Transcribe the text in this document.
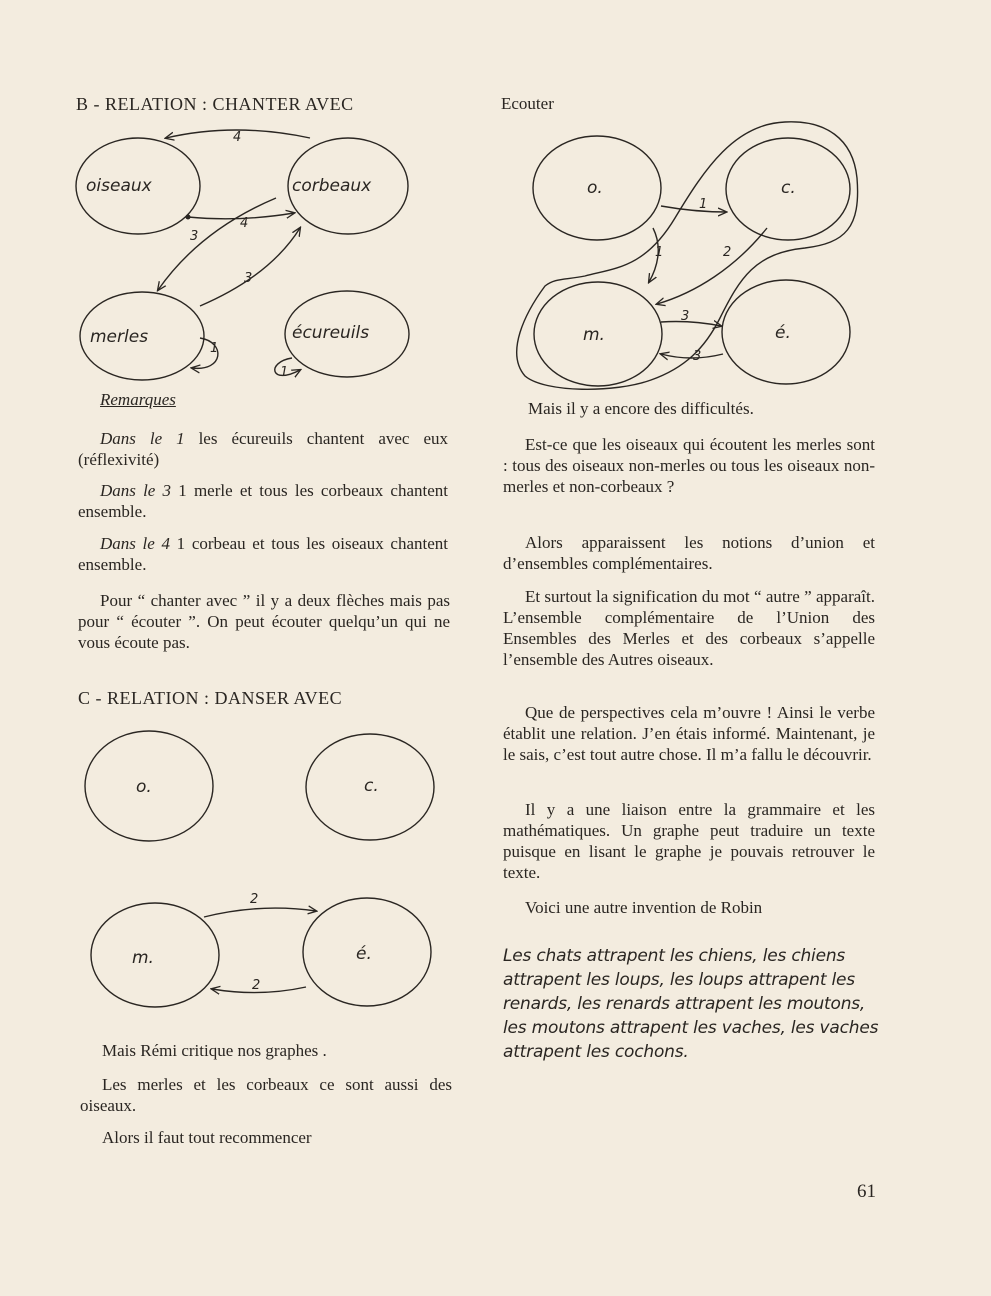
B - RELATION : CHANTER AVEC
oiseaux	corbeaux
merles	écureuils
4
4
3
3
1
1
Remarques

Dans le 1 les écureuils chantent avec eux (réflexivité)

Dans le 3 1 merle et tous les corbeaux chantent ensemble.

Dans le 4 1 corbeau et tous les oiseaux chantent ensemble.

Pour “ chanter avec ” il y a deux flèches mais pas pour “ écouter ”. On peut écouter quelqu’un qui ne vous écoute pas.

C - RELATION : DANSER AVEC
o.	c.
m.	é.
2
2

Mais Rémi critique nos graphes .

Les merles et les corbeaux ce sont aussi des oiseaux.

Alors il faut tout recommencer

Ecouter
o.	c.
m.	é.
1
1	2
3
3

Mais il y a encore des difficultés.

Est-ce que les oiseaux qui écoutent les merles sont : tous des oiseaux non-merles ou tous les oiseaux non-merles et non-corbeaux ?

Alors apparaissent les notions d’union et d’ensembles complémentaires.

Et surtout la signification du mot “ autre ” apparaît. L’ensemble complémentaire de l’Union des Ensembles des Merles et des corbeaux s’appelle l’ensemble des Autres oiseaux.

Que de perspectives cela m’ouvre ! Ainsi le verbe établit une relation. J’en étais informé. Maintenant, je le sais, c’est tout autre chose. Il m’a fallu le découvrir.

Il y a une liaison entre la grammaire et les mathématiques. Un graphe peut traduire un texte puisque en lisant le graphe je pouvais retrouver le texte.

Voici une autre invention de Robin

Les chats attrapent les chiens, les chiens attrapent les loups, les loups attrapent les renards, les renards attrapent les moutons, les moutons attrapent les vaches, les vaches attrapent les cochons.

61
